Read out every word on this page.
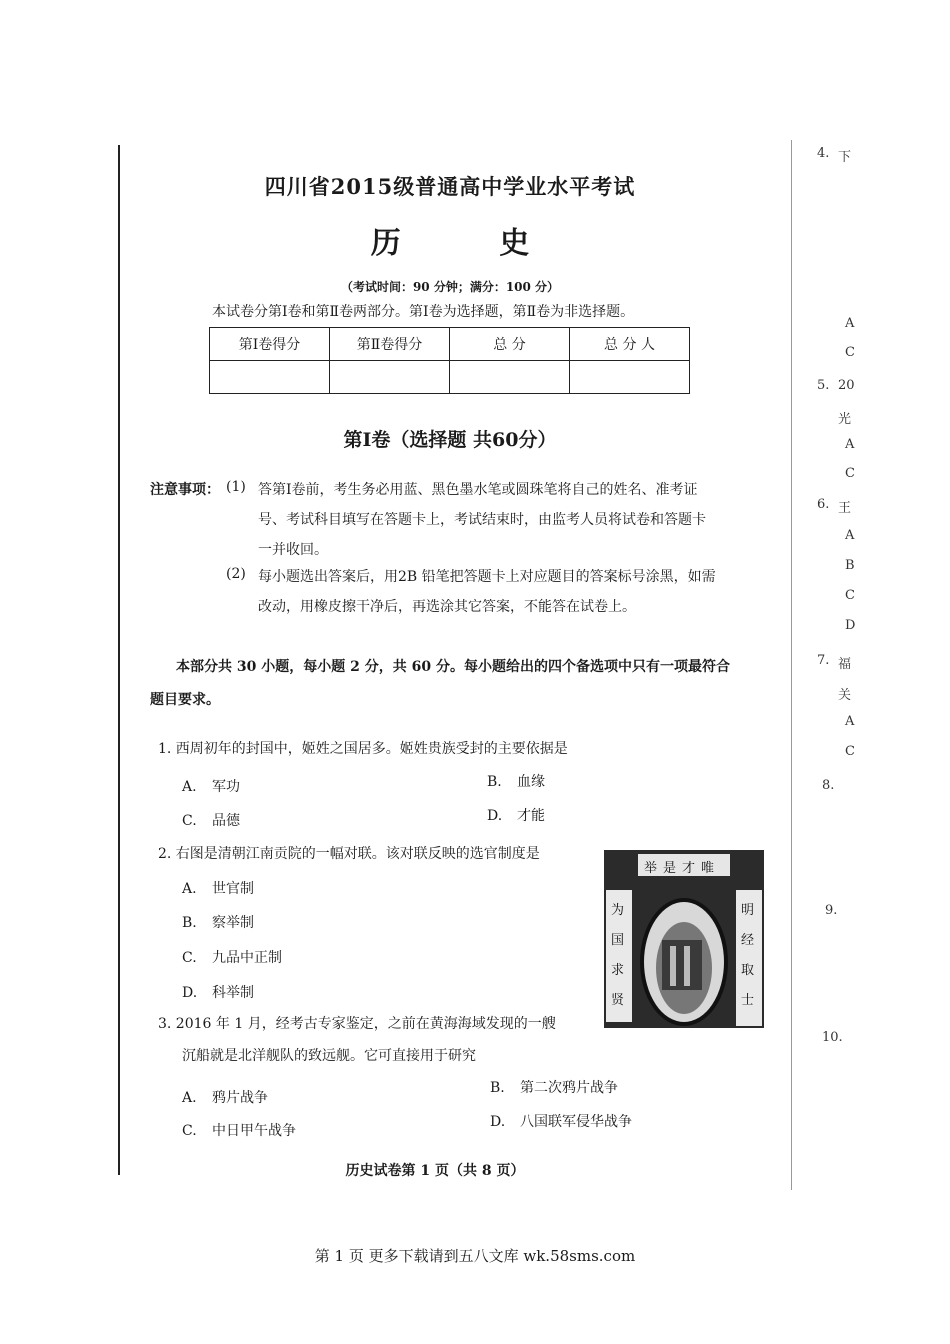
四川省2015级普通高中学业水平考试
历 史
（考试时间：90 分钟；满分：100 分）
本试卷分第Ⅰ卷和第Ⅱ卷两部分。第Ⅰ卷为选择题，第Ⅱ卷为非选择题。
第Ⅰ卷得分	第Ⅱ卷得分	总 分	总 分 人

第Ⅰ卷（选择题 共60分）
注意事项： (1) 答第Ⅰ卷前，考生务必用蓝、黑色墨水笔或圆珠笔将自己的姓名、准考证
号、考试科目填写在答题卡上，考试结束时，由监考人员将试卷和答题卡
一并收回。
(2) 每小题选出答案后，用2B 铅笔把答题卡上对应题目的答案标号涂黑，如需
改动，用橡皮擦干净后，再选涂其它答案，不能答在试卷上。
本部分共 30 小题，每小题 2 分，共 60 分。每小题给出的四个备选项中只有一项最符合
题目要求。
1. 西周初年的封国中，姬姓之国居多。姬姓贵族受封的主要依据是
A. 军功	B. 血缘
C. 品德	D. 才能
2. 右图是清朝江南贡院的一幅对联。该对联反映的选官制度是
A. 世官制
B. 察举制
C. 九品中正制
D. 科举制
举是才唯
为国求贤
明经取士
3. 2016 年 1 月，经考古专家鉴定，之前在黄海海域发现的一艘
沉船就是北洋舰队的致远舰。它可直接用于研究
A. 鸦片战争
B. 第二次鸦片战争
C. 中日甲午战争
D. 八国联军侵华战争
历史试卷第 1 页（共 8 页）
第 1 页 更多下载请到五八文库 wk.58sms.com
4. 下
A
C
5. 20
光
A
C
6. 王
A
B
C
D
7. 福
关
A
C
8.
9.
10.
